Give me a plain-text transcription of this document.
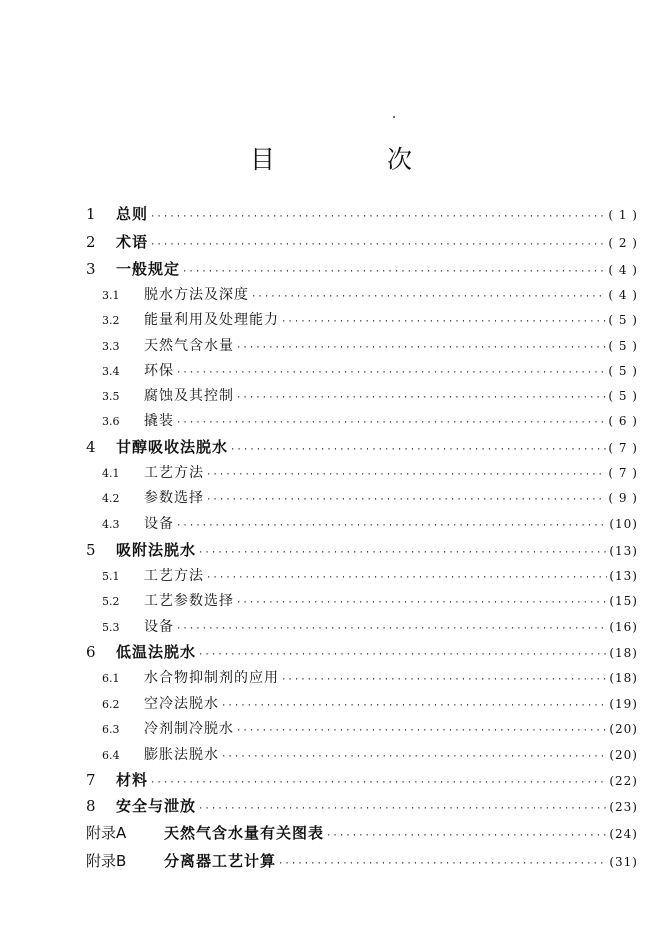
目 次
1	总则 ·····	( 1 )
2	术语 ·····	( 2 )
3	一般规定 ·····	( 4 )
3.1	脱水方法及深度 ·····	( 4 )
3.2	能量利用及处理能力 ·····	( 5 )
3.3	天然气含水量 ·····	( 5 )
3.4	环保 ·····	( 5 )
3.5	腐蚀及其控制 ·····	( 5 )
3.6	撬装 ·····	( 6 )
4	甘醇吸收法脱水 ·····	( 7 )
4.1	工艺方法 ·····	( 7 )
4.2	参数选择 ·····	( 9 )
4.3	设备 ·····	(10)
5	吸附法脱水 ·····	(13)
5.1	工艺方法 ·····	(13)
5.2	工艺参数选择 ·····	(15)
5.3	设备 ·····	(16)
6	低温法脱水 ·····	(18)
6.1	水合物抑制剂的应用 ·····	(18)
6.2	空冷法脱水 ·····	(19)
6.3	冷剂制冷脱水 ·····	(20)
6.4	膨胀法脱水 ·····	(20)
7	材料 ·····	(22)
8	安全与泄放 ·····	(23)
附录A	天然气含水量有关图表 ·····	(24)
附录B	分离器工艺计算 ·····	(31)
